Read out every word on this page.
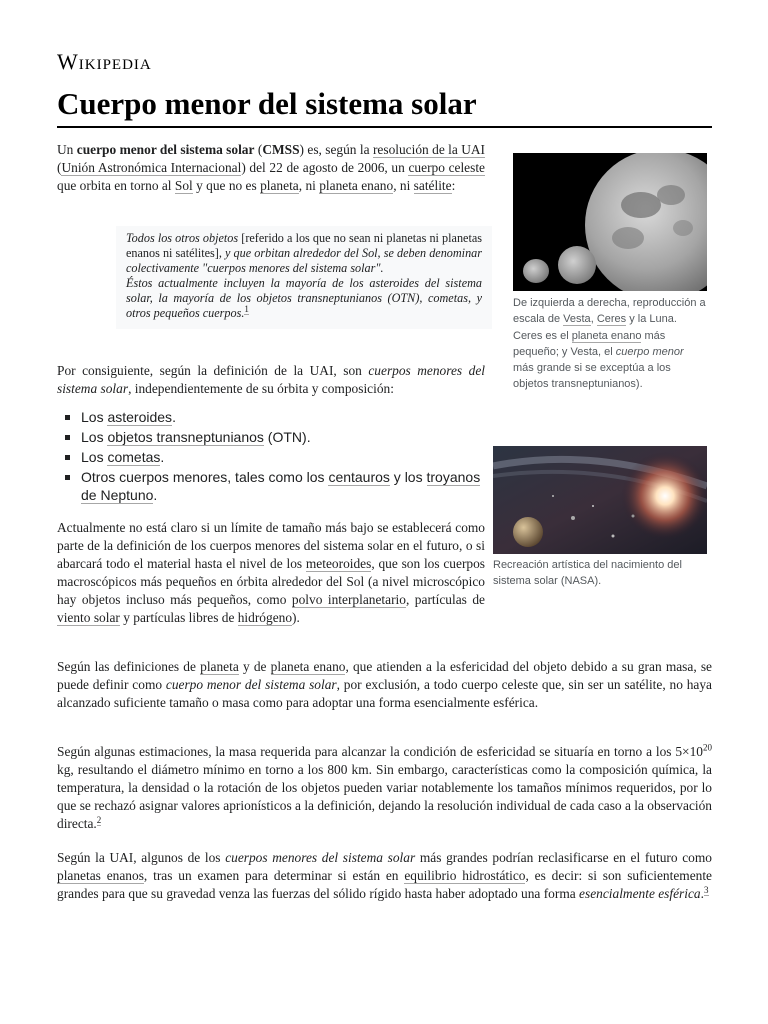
Wikipedia
Cuerpo menor del sistema solar

Un cuerpo menor del sistema solar (CMSS) es, según la resolución de la UAI (Unión Astronómica Internacional) del 22 de agosto de 2006, un cuerpo celeste que orbita en torno al Sol y que no es planeta, ni planeta enano, ni satélite:

Todos los otros objetos [referido a los que no sean ni planetas ni planetas enanos ni satélites], y que orbitan alrededor del Sol, se deben denominar colectivamente "cuerpos menores del sistema solar".

Éstos actualmente incluyen la mayoría de los asteroides del sistema solar, la mayoría de los objetos transneptunianos (OTN), cometas, y otros pequeños cuerpos.$^1$

Por consiguiente, según la definición de la UAI, son cuerpos menores del sistema solar, independientemente de su órbita y composición:

Los asteroides.
Los objetos transneptunianos (OTN).
Los cometas.
Otros cuerpos menores, tales como los centauros y los troyanos de Neptuno.

Actualmente no está claro si un límite de tamaño más bajo se establecerá como parte de la definición de los cuerpos menores del sistema solar en el futuro, o si abarcará todo el material hasta el nivel de los meteoroides, que son los cuerpos macroscópicos más pequeños en órbita alrededor del Sol (a nivel microscópico hay objetos incluso más pequeños, como polvo interplanetario, partículas de viento solar y partículas libres de hidrógeno).

Según las definiciones de planeta y de planeta enano, que atienden a la esfericidad del objeto debido a su gran masa, se puede definir como cuerpo menor del sistema solar, por exclusión, a todo cuerpo celeste que, sin ser un satélite, no haya alcanzado suficiente tamaño o masa como para adoptar una forma esencialmente esférica.

Según algunas estimaciones, la masa requerida para alcanzar la condición de esfericidad se situaría en torno a los $5\times 10^{20}$ kg, resultando el diámetro mínimo en torno a los 800 km. Sin embargo, características como la composición química, la temperatura, la densidad o la rotación de los objetos pueden variar notablemente los tamaños mínimos requeridos, por lo que se rechazó asignar valores aprionísticos a la definición, dejando la resolución individual de cada caso a la observación directa.$^2$

Según la UAI, algunos de los cuerpos menores del sistema solar más grandes podrían reclasificarse en el futuro como planetas enanos, tras un examen para determinar si están en equilibrio hidrostático, es decir: si son suficientemente grandes para que su gravedad venza las fuerzas del sólido rígido hasta haber adoptado una forma esencialmente esférica.$^3$

De izquierda a derecha, reproducción a escala de Vesta, Ceres y la Luna. Ceres es el planeta enano más pequeño; y Vesta, el cuerpo menor más grande si se exceptúa a los objetos transneptunianos).

Recreación artística del nacimiento del sistema solar (NASA).
